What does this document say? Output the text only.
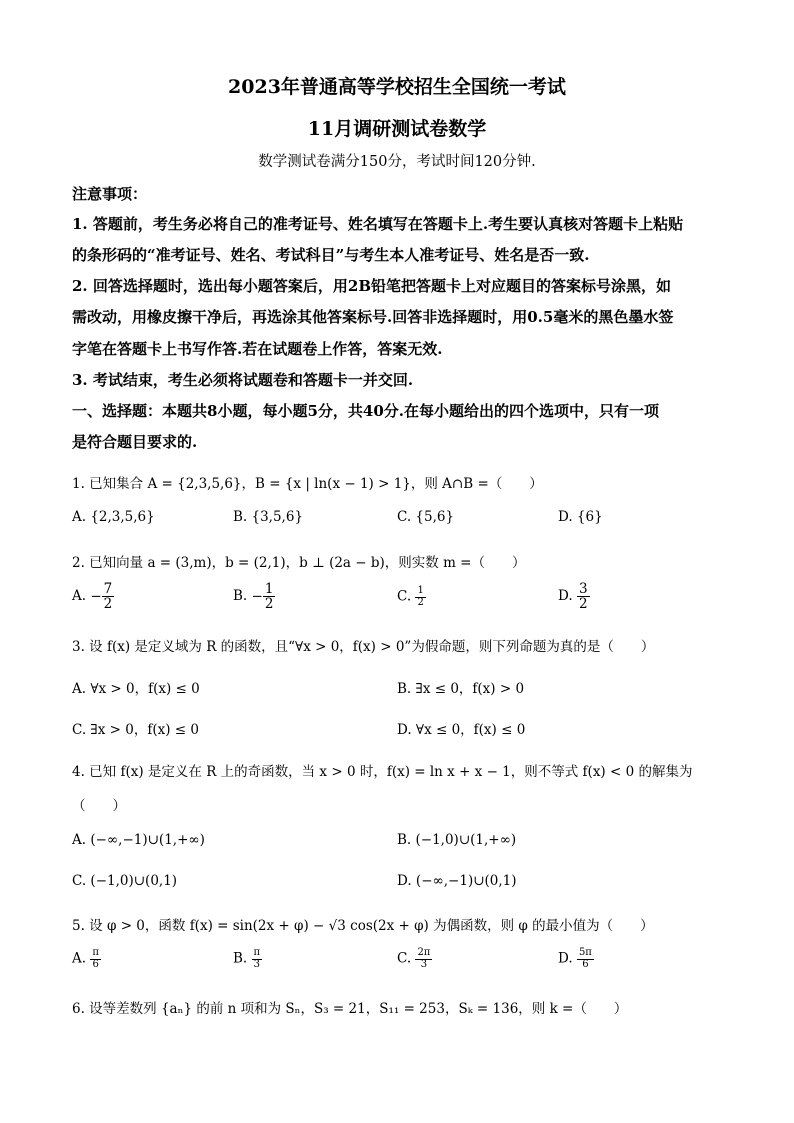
2023年普通高等学校招生全国统一考试
11月调研测试卷数学
数学测试卷满分150分，考试时间120分钟.
注意事项：
1. 答题前，考生务必将自己的准考证号、姓名填写在答题卡上.考生要认真核对答题卡上粘贴
的条形码的“准考证号、姓名、考试科目”与考生本人准考证号、姓名是否一致.
2. 回答选择题时，选出每小题答案后，用2B铅笔把答题卡上对应题目的答案标号涂黑，如
需改动，用橡皮擦干净后，再选涂其他答案标号.回答非选择题时，用0.5毫米的黑色墨水签
字笔在答题卡上书写作答.若在试题卷上作答，答案无效.
3. 考试结束，考生必须将试题卷和答题卡一并交回.
一、选择题：本题共8小题，每小题5分，共40分.在每小题给出的四个选项中，只有一项
是符合题目要求的.
1. 已知集合 A = {2,3,5,6}，B = {x | ln(x − 1) > 1}，则 A∩B =（　　）
A. {2,3,5,6}	B. {3,5,6}	C. {5,6}	D. {6}
2. 已知向量 a = (3,m)，b = (2,1)，b ⊥ (2a − b)，则实数 m =（　　）
A. − $\frac{7}{2}$	B. − $\frac{1}{2}$	C. $\frac{1}{2}$	D. $\frac{3}{2}$
3. 设 f(x) 是定义域为 R 的函数，且“∀x > 0，f(x) > 0”为假命题，则下列命题为真的是（　　）
A. ∀x > 0，f(x) ≤ 0	B. ∃x ≤ 0，f(x) > 0
C. ∃x > 0，f(x) ≤ 0	D. ∀x ≤ 0，f(x) ≤ 0
4. 已知 f(x) 是定义在 R 上的奇函数，当 x > 0 时，f(x) = ln x + x − 1，则不等式 f(x) < 0 的解集为
（　　）
A. (−∞,−1)∪(1,+∞)	B. (−1,0)∪(1,+∞)
C. (−1,0)∪(0,1)	D. (−∞,−1)∪(0,1)
5. 设 φ > 0，函数 f(x) = sin(2x + φ) − √3 cos(2x + φ) 为偶函数，则 φ 的最小值为（　　）
A. $\frac{\pi}{6}$	B. $\frac{\pi}{3}$	C. $\frac{2\pi}{3}$	D. $\frac{5\pi}{6}$
6. 设等差数列 {aₙ} 的前 n 项和为 Sₙ，S₃ = 21，S₁₁ = 253，Sₖ = 136，则 k =（　　）
